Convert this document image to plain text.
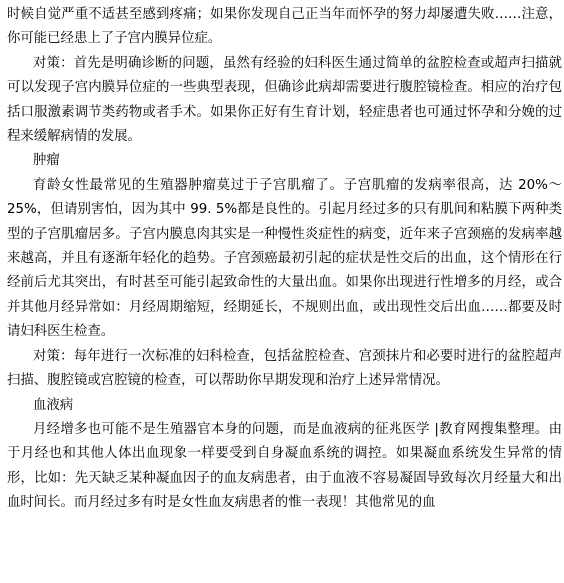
时候自觉严重不适甚至感到疼痛；如果你发现自己正当年而怀孕的努力却屡遭失败……注意，你可能已经患上了子宫内膜异位症。

对策：首先是明确诊断的问题，虽然有经验的妇科医生通过简单的盆腔检查或超声扫描就可以发现子宫内膜异位症的一些典型表现，但确诊此病却需要进行腹腔镜检查。相应的治疗包括口服激素调节类药物或者手术。如果你正好有生育计划，轻症患者也可通过怀孕和分娩的过程来缓解病情的发展。

肿瘤

育龄女性最常见的生殖器肿瘤莫过于子宫肌瘤了。子宫肌瘤的发病率很高，达 20%～25%，但请别害怕，因为其中 99. 5%都是良性的。引起月经过多的只有肌间和粘膜下两种类型的子宫肌瘤居多。子宫内膜息肉其实是一种慢性炎症性的病变，近年来子宫颈癌的发病率越来越高，并且有逐渐年轻化的趋势。子宫颈癌最初引起的症状是性交后的出血，这个情形在行经前后尤其突出，有时甚至可能引起致命性的大量出血。如果你出现进行性增多的月经，或合并其他月经异常如：月经周期缩短，经期延长，不规则出血，或出现性交后出血……都要及时请妇科医生检查。

对策：每年进行一次标准的妇科检查，包括盆腔检查、宫颈抹片和必要时进行的盆腔超声扫描、腹腔镜或宫腔镜的检查，可以帮助你早期发现和治疗上述异常情况。

血液病

月经增多也可能不是生殖器官本身的问题，而是血液病的征兆医学 |教育网搜集整理。由于月经也和其他人体出血现象一样要受到自身凝血系统的调控。如果凝血系统发生异常的情形，比如：先天缺乏某种凝血因子的血友病患者，由于血液不容易凝固导致每次月经量大和出血时间长。而月经过多有时是女性血友病患者的惟一表现！其他常见的血
